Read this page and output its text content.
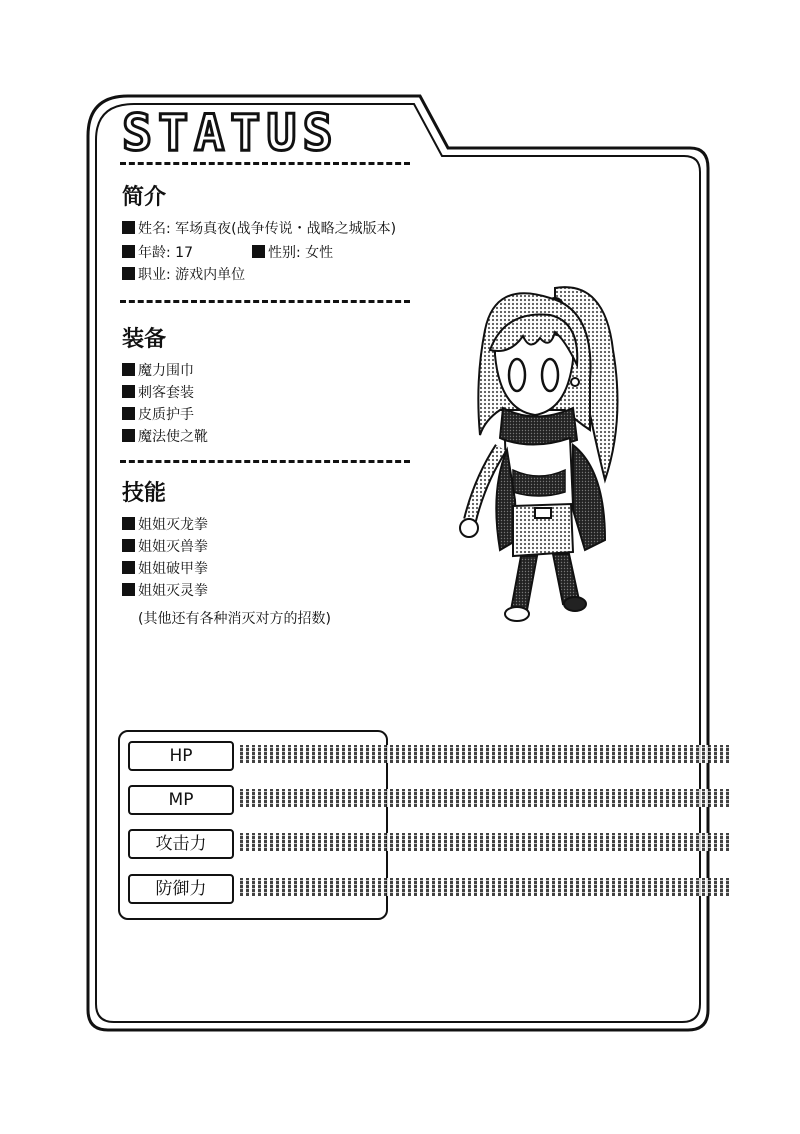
STATUS
简介
姓名: 军场真夜(战争传说・战略之城版本)
年龄: 17	性别: 女性
职业: 游戏内单位
装备
魔力围巾
刺客套装
皮质护手
魔法使之靴
技能
姐姐灭龙拳
姐姐灭兽拳
姐姐破甲拳
姐姐灭灵拳
(其他还有各种消灭对方的招数)
HP
MP
攻击力
防御力
